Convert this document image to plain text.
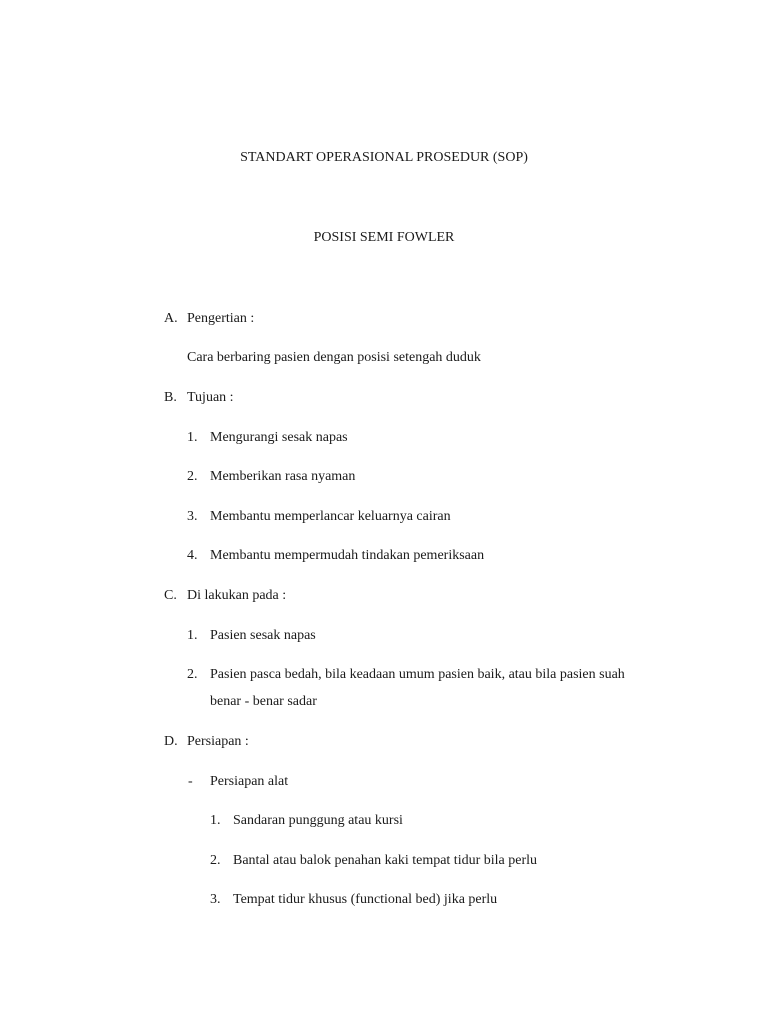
STANDART OPERASIONAL PROSEDUR (SOP)
POSISI SEMI FOWLER
A. Pengertian :
Cara berbaring pasien dengan posisi setengah duduk
B. Tujuan :
1. Mengurangi sesak napas
2. Memberikan rasa nyaman
3. Membantu memperlancar keluarnya cairan
4. Membantu mempermudah tindakan pemeriksaan
C. Di lakukan pada :
1. Pasien sesak napas
2. Pasien pasca bedah, bila keadaan umum pasien baik, atau bila pasien suah
benar - benar sadar
D. Persiapan :
- Persiapan alat
1. Sandaran punggung atau kursi
2. Bantal atau balok penahan kaki tempat tidur bila perlu
3. Tempat tidur khusus (functional bed) jika perlu
